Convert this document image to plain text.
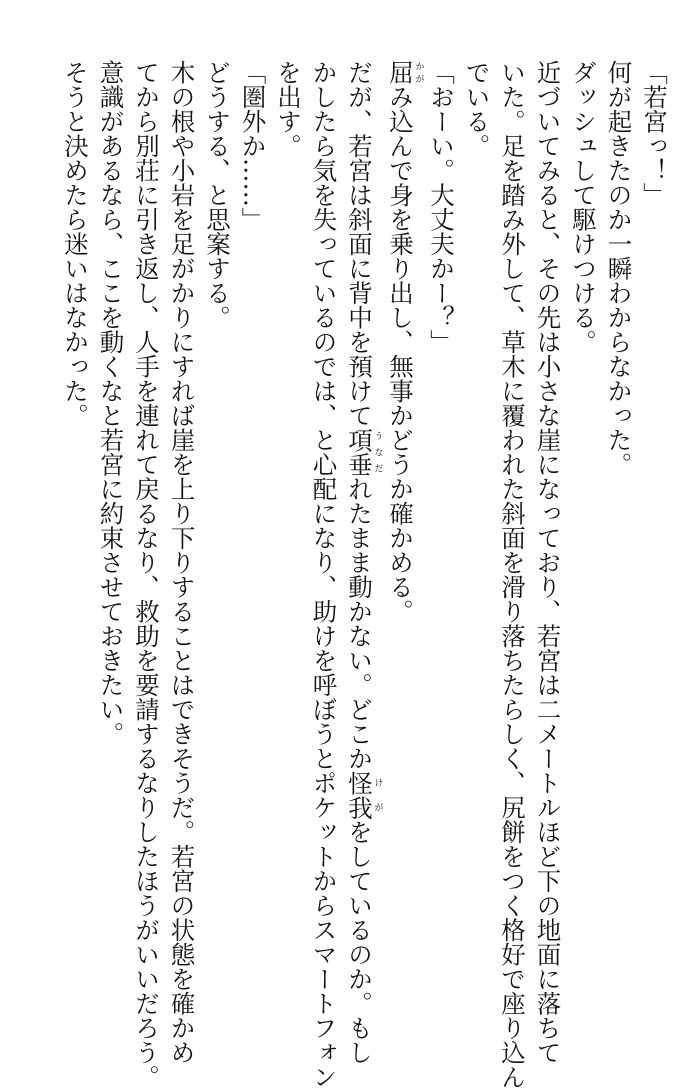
「若宮っ！」

何が起きたのか一瞬わからなかった。

ダッシュして駆けつける。

近づいてみると、その先は小さな崖になっており、若宮は二メートルほど下の地面に落ちて

いた。足を踏み外して、草木に覆われた斜面を滑り落ちたらしく、尻餅をつく格好で座り込ん

でいる。

「おーい。大丈夫かー？」

屈かがみ込んで身を乗り出し、無事かどうか確かめる。

だが、若宮は斜面に背中を預けて項垂うなだれたまま動かない。どこか怪我けがをしているのか。もし

かしたら気を失っているのでは、と心配になり、助けを呼ぼうとポケットからスマートフォン

を出す。

「圏外か……」

どうする、と思案する。

木の根や小岩を足がかりにすれば崖を上り下りすることはできそうだ。若宮の状態を確かめ

てから別荘に引き返し、人手を連れて戻るなり、救助を要請するなりしたほうがいいだろう。

意識があるなら、ここを動くなと若宮に約束させておきたい。

そうと決めたら迷いはなかった。
